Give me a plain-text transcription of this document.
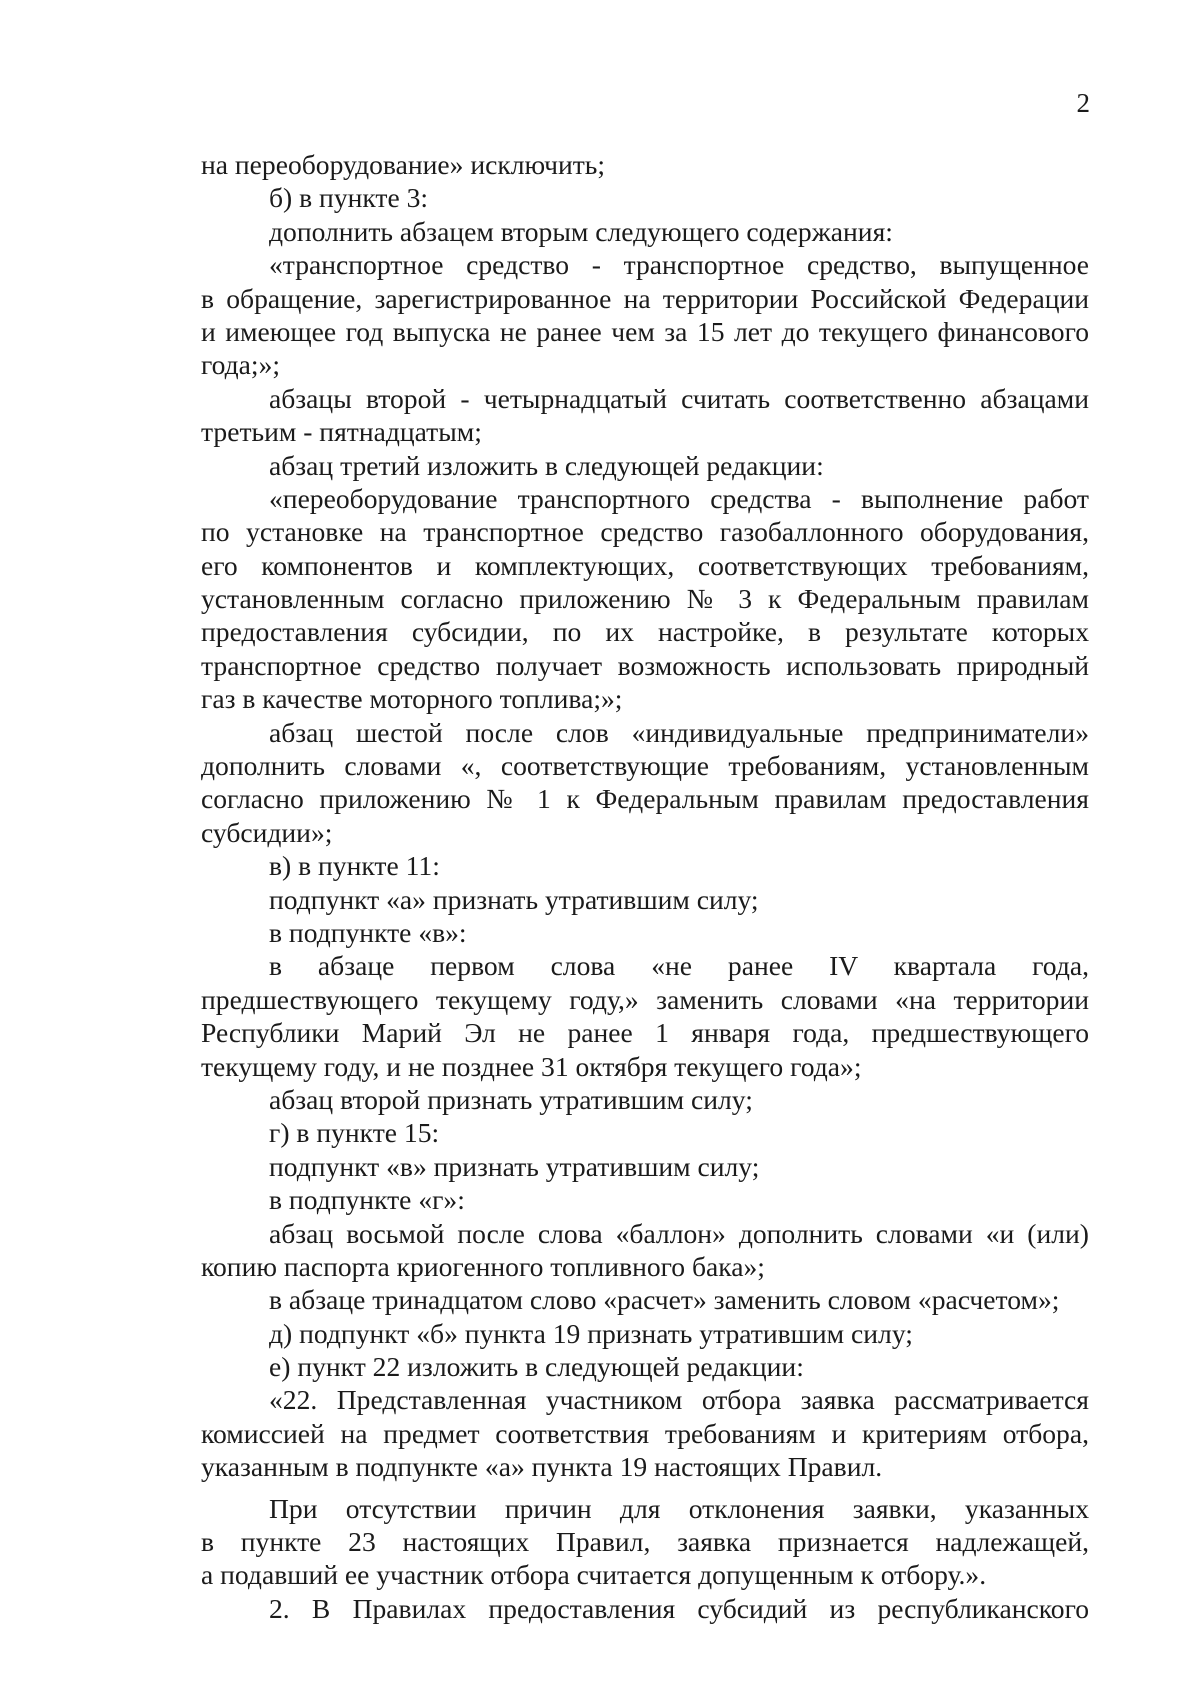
2
на переоборудование» исключить;
б) в пункте 3:
дополнить абзацем вторым следующего содержания:
«транспортное средство - транспортное средство, выпущенное
в обращение, зарегистрированное на территории Российской Федерации
и имеющее год выпуска не ранее чем за 15 лет до текущего финансового
года;»;
абзацы второй - четырнадцатый считать соответственно абзацами
третьим - пятнадцатым;
абзац третий изложить в следующей редакции:
«переоборудование транспортного средства - выполнение работ
по установке на транспортное средство газобаллонного оборудования,
его компонентов и комплектующих, соответствующих требованиям,
установленным согласно приложению № 3 к Федеральным правилам
предоставления субсидии, по их настройке, в результате которых
транспортное средство получает возможность использовать природный
газ в качестве моторного топлива;»;
абзац шестой после слов «индивидуальные предприниматели»
дополнить словами «, соответствующие требованиям, установленным
согласно приложению № 1 к Федеральным правилам предоставления
субсидии»;
в) в пункте 11:
подпункт «а» признать утратившим силу;
в подпункте «в»:
в абзаце первом слова «не ранее IV квартала года,
предшествующего текущему году,» заменить словами «на территории
Республики Марий Эл не ранее 1 января года, предшествующего
текущему году, и не позднее 31 октября текущего года»;
абзац второй признать утратившим силу;
г) в пункте 15:
подпункт «в» признать утратившим силу;
в подпункте «г»:
абзац восьмой после слова «баллон» дополнить словами «и (или)
копию паспорта криогенного топливного бака»;
в абзаце тринадцатом слово «расчет» заменить словом «расчетом»;
д) подпункт «б» пункта 19 признать утратившим силу;
е) пункт 22 изложить в следующей редакции:
«22. Представленная участником отбора заявка рассматривается
комиссией на предмет соответствия требованиям и критериям отбора,
указанным в подпункте «а» пункта 19 настоящих Правил.
При отсутствии причин для отклонения заявки, указанных
в пункте 23 настоящих Правил, заявка признается надлежащей,
а подавший ее участник отбора считается допущенным к отбору.».
2. В Правилах предоставления субсидий из республиканского
